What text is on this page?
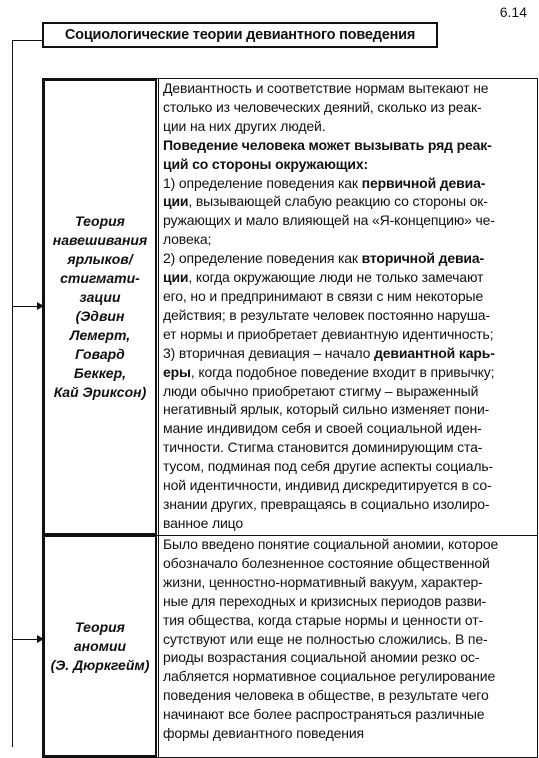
6.14
Социологические теории девиантного поведения
Теория
навешивания
ярлыков/
стигмати-
зации
(Эдвин
Лемерт,
Говард
Беккер,
Кай Эриксон)
Девиантность и соответствие нормам вытекают не
столько из человеческих деяний, сколько из реак-
ции на них других людей.
Поведение человека может вызывать ряд реак-
ций со стороны окружающих:
1) определение поведения как первичной девиа-
ции, вызывающей слабую реакцию со стороны ок-
ружающих и мало влияющей на «Я-концепцию» че-
ловека;
2) определение поведения как вторичной девиа-
ции, когда окружающие люди не только замечают
его, но и предпринимают в связи с ним некоторые
действия; в результате человек постоянно наруша-
ет нормы и приобретает девиантную идентичность;
3) вторичная девиация – начало девиантной карь-
еры, когда подобное поведение входит в привычку;
люди обычно приобретают стигму – выраженный
негативный ярлык, который сильно изменяет пони-
мание индивидом себя и своей социальной иден-
тичности. Стигма становится доминирующим ста-
тусом, подминая под себя другие аспекты социаль-
ной идентичности, индивид дискредитируется в со-
знании других, превращаясь в социально изолиро-
ванное лицо
Теория
аномии
(Э. Дюркгейм)
Было введено понятие социальной аномии, которое
обозначало болезненное состояние общественной
жизни, ценностно-нормативный вакуум, характер-
ные для переходных и кризисных периодов разви-
тия общества, когда старые нормы и ценности от-
сутствуют или еще не полностью сложились. В пе-
риоды возрастания социальной аномии резко ос-
лабляется нормативное социальное регулирование
поведения человека в обществе, в результате чего
начинают все более распространяться различные
формы девиантного поведения
